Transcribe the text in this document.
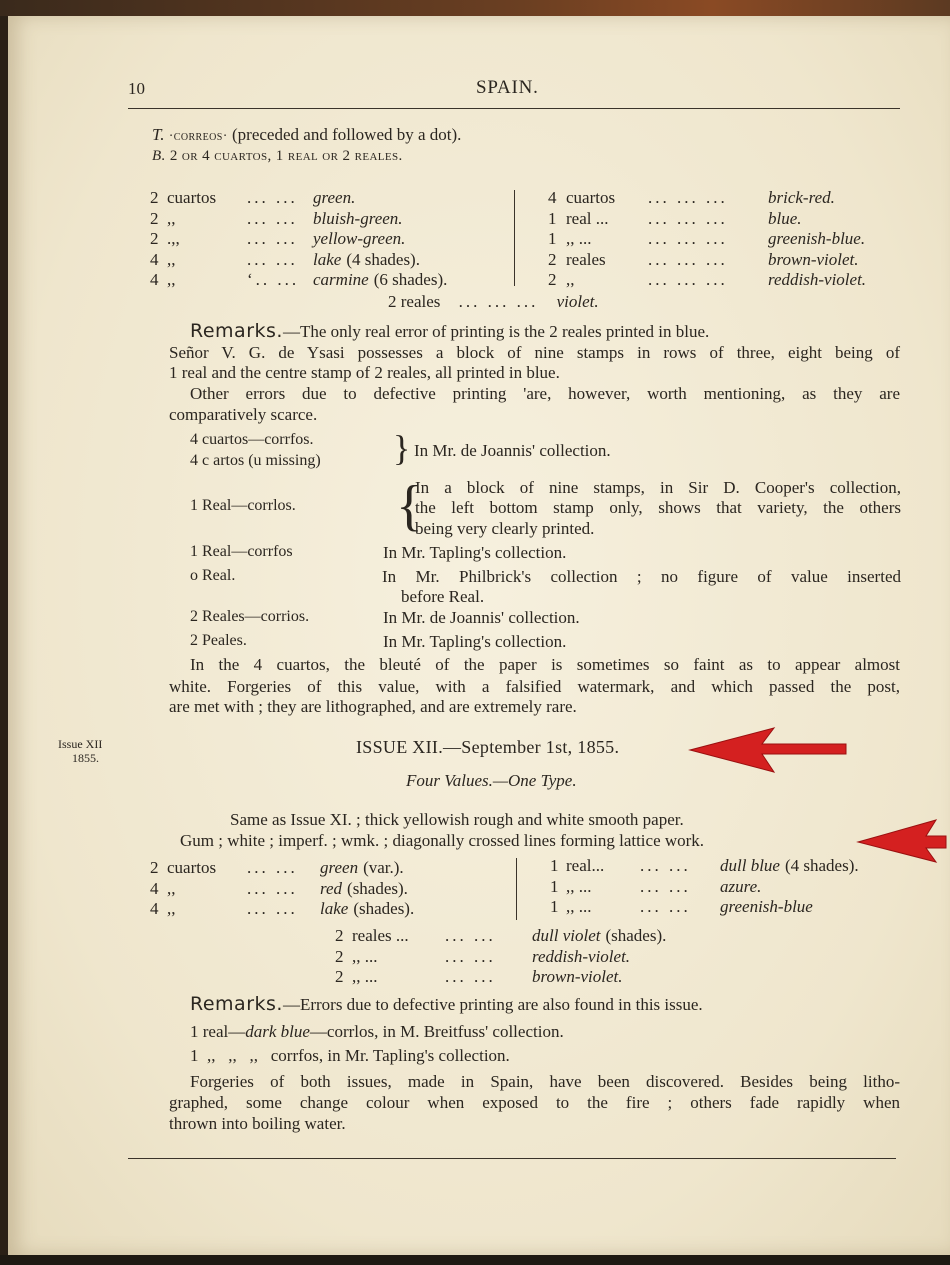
10	SPAIN.
T. ·correos· (preceded and followed by a dot).
B. 2 or 4 cuartos, 1 real or 2 reales.
2 cuartos ... ... green.
2 ,,	... ... bluish-green.
2 .,,	... ... yellow-green.
4 ,,	... ... lake (4 shades).
4 ,,	‘.. ... carmine (6 shades).
4 cuartos ... ... ... brick-red.
1 real ... ... ... ... blue.
1 ,, ...	... ... ... greenish-blue.
2 reales ... ... ... brown-violet.
2 ,,	... ... ... reddish-violet.
2 reales ... ... ... violet.
Remarks.—The only real error of printing is the 2 reales printed in blue.
Señor V. G. de Ysasi possesses a block of nine stamps in rows of three, eight being of
1 real and the centre stamp of 2 reales, all printed in blue.
Other errors due to defective printing 'are, however, worth mentioning, as they are
comparatively scarce.
4 cuartos—corrfos.
4 c artos (u missing) } In Mr. de Joannis' collection.
1 Real—corrlos. {
In a block of nine stamps, in Sir D. Cooper's collection,
the left bottom stamp only, shows that variety, the others
being very clearly printed.
1 Real—corrfos	In Mr. Tapling's collection.
o Real.	In Mr. Philbrick's collection ; no figure of value inserted
before Real.
2 Reales—corrios.	In Mr. de Joannis' collection.
2 Peales.	In Mr. Tapling's collection.
In the 4 cuartos, the bleuté of the paper is sometimes so faint as to appear almost
white. Forgeries of this value, with a falsified watermark, and which passed the post,
are met with ; they are lithographed, and are extremely rare.
Issue XII
1855.
ISSUE XII.—September 1st, 1855.
Four Values.—One Type.
Same as Issue XI. ; thick yellowish rough and white smooth paper.
Gum ; white ; imperf. ; wmk. ; diagonally crossed lines forming lattice work.
2 cuartos ... ... green (var.).
4 ,,	... ... red (shades).
4 ,,	... ... lake (shades).
1 real... ... ... dull blue (4 shades).
1 ,, ...	... ... azure.
1 ,, ...	... ... greenish-blue
2 reales ... ... ... dull violet (shades).
2 ,, ...	... ... reddish-violet.
2 ,, ...	... ... brown-violet.
Remarks.—Errors due to defective printing are also found in this issue.
1 real—dark blue—corrlos, in M. Breitfuss' collection.
1  ,,   ,,   ,,   corrfos, in Mr. Tapling's collection.
Forgeries of both issues, made in Spain, have been discovered. Besides being litho-
graphed, some change colour when exposed to the fire ; others fade rapidly when
thrown into boiling water.
